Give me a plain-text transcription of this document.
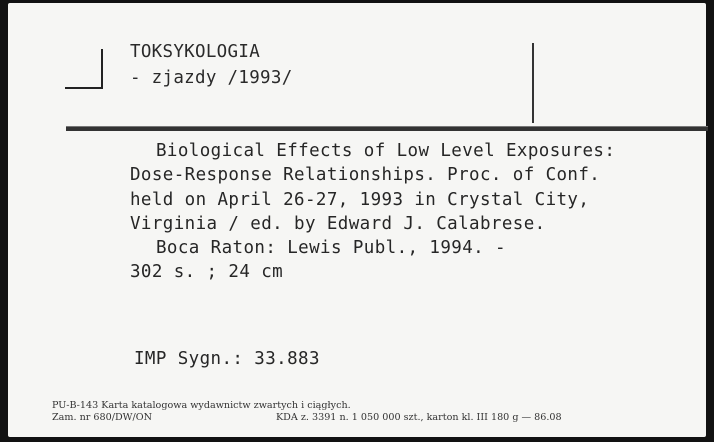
TOKSYKOLOGIA
- zjazdy /1993/
Biological Effects of Low Level Exposures:
Dose-Response Relationships. Proc. of Conf.
held on April 26-27, 1993 in Crystal City,
Virginia / ed. by Edward J. Calabrese.
Boca Raton: Lewis Publ., 1994. -
302 s. ; 24 cm
IMP Sygn.: 33.883
PU-B-143 Karta katalogowa wydawnictw zwartych i ciągłych.
Zam. nr 680/DW/ON	KDA z. 3391 n. 1 050 000 szt., karton kl. III 180 g — 86.08
